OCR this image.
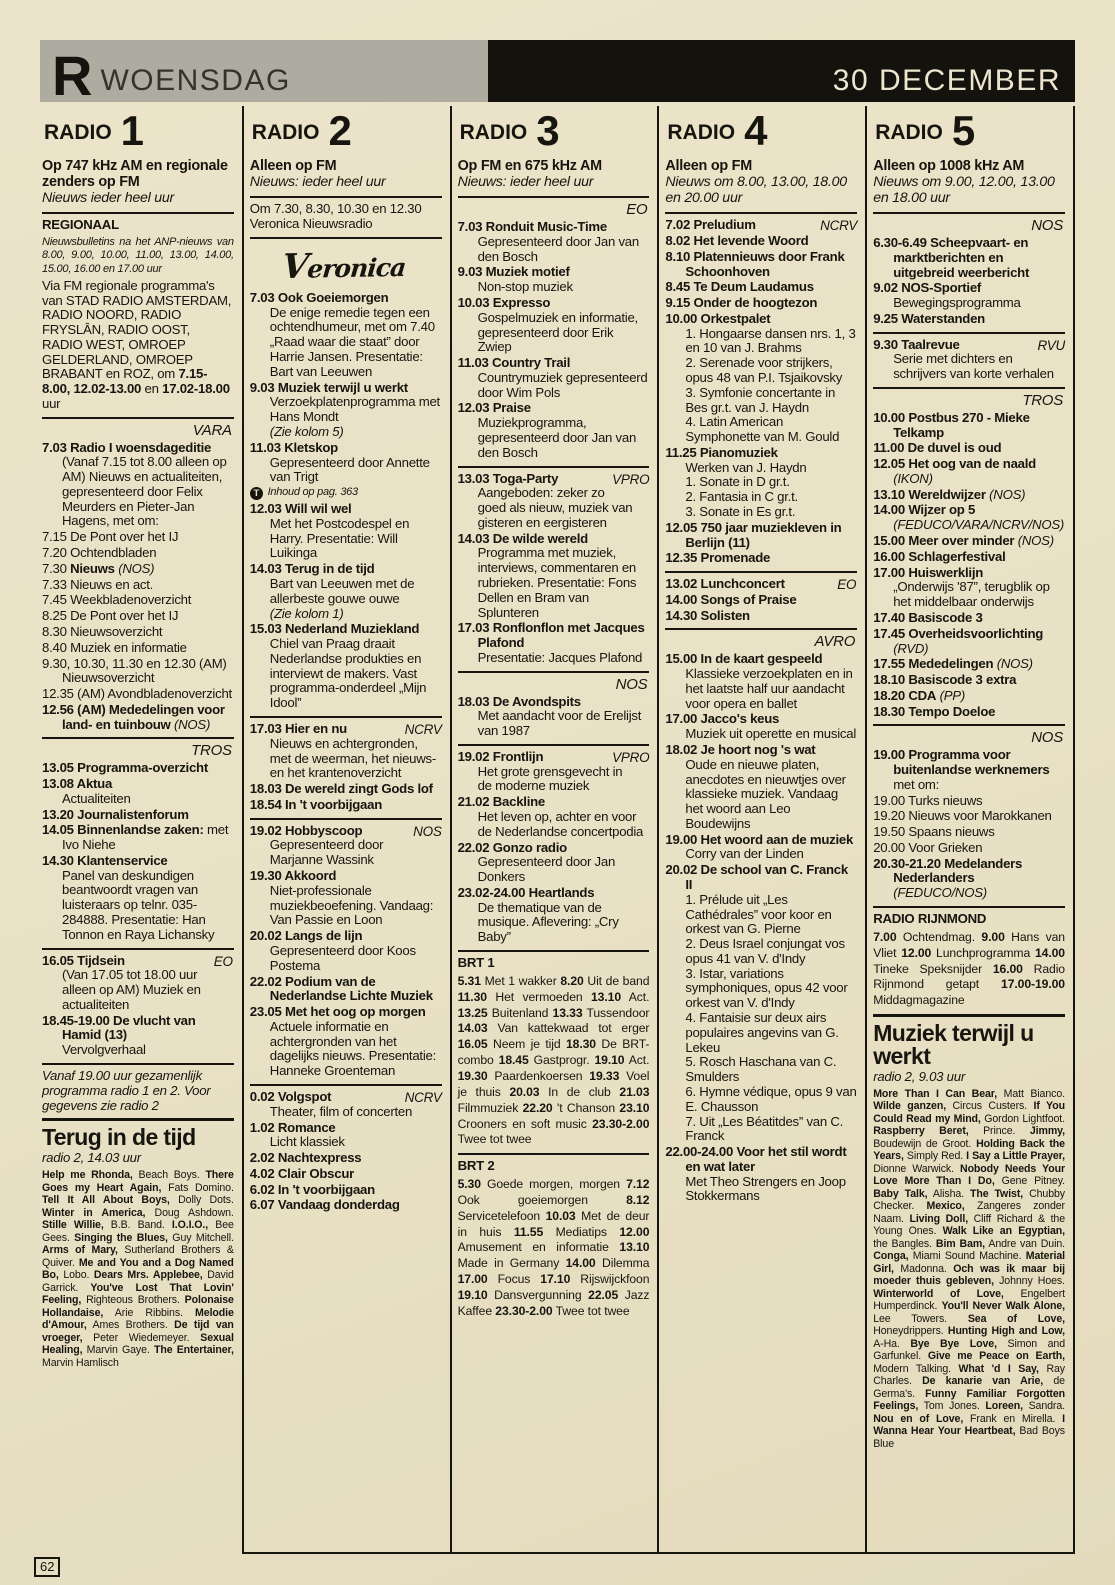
R WOENSDAG	30 DECEMBER
RADIO 1
Op 747 kHz AM en regionale zenders op FM
Nieuws ieder heel uur
REGIONAAL
Nieuwsbulletins na het ANP-nieuws van 8.00, 9.00, 10.00, 11.00, 13.00, 14.00, 15.00, 16.00 en 17.00 uur
Via FM regionale programma's van STAD RADIO AMSTERDAM, RADIO NOORD, RADIO FRYSLÂN, RADIO OOST, RADIO WEST, OMROEP GELDERLAND, OMROEP BRABANT en ROZ, om 7.15-8.00, 12.02-13.00 en 17.02-18.00 uur
VARA
7.03 Radio I woensdageditie
(Vanaf 7.15 tot 8.00 alleen op AM) Nieuws en actualiteiten, gepresenteerd door Felix Meurders en Pieter-Jan Hagens, met om:
7.15 De Pont over het IJ
7.20 Ochtendbladen
7.30 Nieuws (NOS)
7.33 Nieuws en act.
7.45 Weekbladenoverzicht
8.25 De Pont over het IJ
8.30 Nieuwsoverzicht
8.40 Muziek en informatie
9.30, 10.30, 11.30 en 12.30 (AM) Nieuwsoverzicht
12.35 (AM) Avondbladenoverzicht
12.56 (AM) Mededelingen voor land- en tuinbouw (NOS)
TROS
13.05 Programma-overzicht
13.08 Aktua
Actualiteiten
13.20 Journalistenforum
14.05 Binnenlandse zaken: met Ivo Niehe
14.30 Klantenservice
Panel van deskundigen beantwoordt vragen van luisteraars op telnr. 035-284888. Presentatie: Han Tonnon en Raya Lichansky
EO
16.05 Tijdsein
(Van 17.05 tot 18.00 uur alleen op AM) Muziek en actualiteiten
18.45-19.00 De vlucht van Hamid (13)
Vervolgverhaal
Vanaf 19.00 uur gezamenlijk programma radio 1 en 2. Voor gegevens zie radio 2
Terug in de tijd
radio 2, 14.03 uur
Help me Rhonda, Beach Boys. There Goes my Heart Again, Fats Domino. Tell It All About Boys, Dolly Dots. Winter in America, Doug Ashdown. Stille Willie, B.B. Band. I.O.I.O., Bee Gees. Singing the Blues, Guy Mitchell. Arms of Mary, Sutherland Brothers & Quiver. Me and You and a Dog Named Bo, Lobo. Dears Mrs. Applebee, David Garrick. You've Lost That Lovin' Feeling, Righteous Brothers. Polonaise Hollandaise, Arie Ribbins. Melodie d'Amour, Ames Brothers. De tijd van vroeger, Peter Wiedemeyer. Sexual Healing, Marvin Gaye. The Entertainer, Marvin Hamlisch
RADIO 2
Alleen op FM
Nieuws: ieder heel uur
Om 7.30, 8.30, 10.30 en 12.30 Veronica Nieuwsradio
Veronica
7.03 Ook Goeiemorgen
De enige remedie tegen een ochtendhumeur, met om 7.40 „Raad waar die staat” door Harrie Jansen. Presentatie: Bart van Leeuwen
9.03 Muziek terwijl u werkt
Verzoekplatenprogramma met Hans Mondt
(Zie kolom 5)
11.03 Kletskop
Gepresenteerd door Annette van Trigt
T Inhoud op pag. 363
12.03 Will wil wel
Met het Postcodespel en Harry. Presentatie: Will Luikinga
14.03 Terug in de tijd
Bart van Leeuwen met de allerbeste gouwe ouwe
(Zie kolom 1)
15.03 Nederland Muziekland
Chiel van Praag draait Nederlandse produkties en interviewt de makers. Vast programma-onderdeel „Mijn Idool”
NCRV
17.03 Hier en nu
Nieuws en achtergronden, met de weerman, het nieuws- en het krantenoverzicht
18.03 De wereld zingt Gods lof
18.54 In 't voorbijgaan
NOS
19.02 Hobbyscoop
Gepresenteerd door Marjanne Wassink
19.30 Akkoord
Niet-professionale muziekbeoefening. Vandaag: Van Passie en Loon
20.02 Langs de lijn
Gepresenteerd door Koos Postema
22.02 Podium van de Nederlandse Lichte Muziek
23.05 Met het oog op morgen
Actuele informatie en achtergronden van het dagelijks nieuws. Presentatie: Hanneke Groenteman
NCRV
0.02 Volgspot
Theater, film of concerten
1.02 Romance
Licht klassiek
2.02 Nachtexpress
4.02 Clair Obscur
6.02 In 't voorbijgaan
6.07 Vandaag donderdag
RADIO 3
Op FM en 675 kHz AM
Nieuws: ieder heel uur
EO
7.03 Ronduit Music-Time
Gepresenteerd door Jan van den Bosch
9.03 Muziek motief
Non-stop muziek
10.03 Expresso
Gospelmuziek en informatie, gepresenteerd door Erik Zwiep
11.03 Country Trail
Countrymuziek gepresenteerd door Wim Pols
12.03 Praise
Muziekprogramma, gepresenteerd door Jan van den Bosch
VPRO
13.03 Toga-Party
Aangeboden: zeker zo goed als nieuw, muziek van gisteren en eergisteren
14.03 De wilde wereld
Programma met muziek, interviews, commentaren en rubrieken. Presentatie: Fons Dellen en Bram van Splunteren
17.03 Ronflonflon met Jacques Plafond
Presentatie: Jacques Plafond
NOS
18.03 De Avondspits
Met aandacht voor de Erelijst van 1987
VPRO
19.02 Frontlijn
Het grote grensgevecht in de moderne muziek
21.02 Backline
Het leven op, achter en voor de Nederlandse concertpodia
22.02 Gonzo radio
Gepresenteerd door Jan Donkers
23.02-24.00 Heartlands
De thematique van de musique. Aflevering: „Cry Baby”
BRT 1
5.31 Met 1 wakker 8.20 Uit de band 11.30 Het vermoeden 13.10 Act. 13.25 Buitenland 13.33 Tussendoor 14.03 Van kattekwaad tot erger 16.05 Neem je tijd 18.30 De BRT-combo 18.45 Gastprogr. 19.10 Act. 19.30 Paardenkoersen 19.33 Voel je thuis 20.03 In de club 21.03 Filmmuziek 22.20 't Chanson 23.10 Crooners en soft music 23.30-2.00 Twee tot twee
BRT 2
5.30 Goede morgen, morgen 7.12 Ook goeiemorgen 8.12 Servicetelefoon 10.03 Met de deur in huis 11.55 Mediatips 12.00 Amusement en informatie 13.10 Made in Germany 14.00 Dilemma 17.00 Focus 17.10 Rijswijckfoon 19.10 Dansvergunning 22.05 Jazz Kaffee 23.30-2.00 Twee tot twee
RADIO 4
Alleen op FM
Nieuws om 8.00, 13.00, 18.00 en 20.00 uur
NCRV
7.02 Preludium
8.02 Het levende Woord
8.10 Platennieuws door Frank Schoonhoven
8.45 Te Deum Laudamus
9.15 Onder de hoogtezon
10.00 Orkestpalet
1. Hongaarse dansen nrs. 1, 3 en 10 van J. Brahms
2. Serenade voor strijkers, opus 48 van P.I. Tsjaikovsky
3. Symfonie concertante in Bes gr.t. van J. Haydn
4. Latin American Symphonette van M. Gould
11.25 Pianomuziek
Werken van J. Haydn
1. Sonate in D gr.t.
2. Fantasia in C gr.t.
3. Sonate in Es gr.t.
12.05 750 jaar muziekleven in Berlijn (11)
12.35 Promenade
EO
13.02 Lunchconcert
14.00 Songs of Praise
14.30 Solisten
AVRO
15.00 In de kaart gespeeld
Klassieke verzoekplaten en in het laatste half uur aandacht voor opera en ballet
17.00 Jacco's keus
Muziek uit operette en musical
18.02 Je hoort nog 's wat
Oude en nieuwe platen, anecdotes en nieuwtjes over klassieke muziek. Vandaag het woord aan Leo Boudewijns
19.00 Het woord aan de muziek
Corry van der Linden
20.02 De school van C. Franck II
1. Prélude uit „Les Cathédrales” voor koor en orkest van G. Pierne
2. Deus Israel conjungat vos opus 41 van V. d'Indy
3. Istar, variations symphoniques, opus 42 voor orkest van V. d'Indy
4. Fantaisie sur deux airs populaires angevins van G. Lekeu
5. Rosch Haschana van C. Smulders
6. Hymne védique, opus 9 van E. Chausson
7. Uit „Les Béatitdes” van C. Franck
22.00-24.00 Voor het stil wordt en wat later
Met Theo Strengers en Joop Stokkermans
RADIO 5
Alleen op 1008 kHz AM
Nieuws om 9.00, 12.00, 13.00 en 18.00 uur
NOS
6.30-6.49 Scheepvaart- en marktberichten en uitgebreid weerbericht
9.02 NOS-Sportief
Bewegingsprogramma
9.25 Waterstanden
RVU
9.30 Taalrevue
Serie met dichters en schrijvers van korte verhalen
TROS
10.00 Postbus 270 - Mieke Telkamp
11.00 De duvel is oud
12.05 Het oog van de naald (IKON)
13.10 Wereldwijzer (NOS)
14.00 Wijzer op 5 (FEDUCO/VARA/NCRV/NOS)
15.00 Meer over minder (NOS)
16.00 Schlagerfestival
17.00 Huiswerklijn
„Onderwijs '87”, terugblik op het middelbaar onderwijs
17.40 Basiscode 3
17.45 Overheidsvoorlichting (RVD)
17.55 Mededelingen (NOS)
18.10 Basiscode 3 extra
18.20 CDA (PP)
18.30 Tempo Doeloe
NOS
19.00 Programma voor buitenlandse werknemers met om:
19.00 Turks nieuws
19.20 Nieuws voor Marokkanen
19.50 Spaans nieuws
20.00 Voor Grieken
20.30-21.20 Medelanders Nederlanders (FEDUCO/NOS)
RADIO RIJNMOND
7.00 Ochtendmag. 9.00 Hans van Vliet 12.00 Lunchprogramma 14.00 Tineke Speksnijder 16.00 Radio Rijnmond getapt 17.00-19.00 Middagmagazine
Muziek terwijl u werkt
radio 2, 9.03 uur
More Than I Can Bear, Matt Bianco. Wilde ganzen, Circus Custers. If You Could Read my Mind, Gordon Lightfoot. Raspberry Beret, Prince. Jimmy, Boudewijn de Groot. Holding Back the Years, Simply Red. I Say a Little Prayer, Dionne Warwick. Nobody Needs Your Love More Than I Do, Gene Pitney. Baby Talk, Alisha. The Twist, Chubby Checker. Mexico, Zangeres zonder Naam. Living Doll, Cliff Richard & the Young Ones. Walk Like an Egyptian, the Bangles. Bim Bam, Andre van Duin. Conga, Miami Sound Machine. Material Girl, Madonna. Och was ik maar bij moeder thuis gebleven, Johnny Hoes. Winterworld of Love, Engelbert Humperdinck. You'll Never Walk Alone, Lee Towers. Sea of Love, Honeydrippers. Hunting High and Low, A-Ha. Bye Bye Love, Simon and Garfunkel. Give me Peace on Earth, Modern Talking. What 'd I Say, Ray Charles. De kanarie van Arie, de Germa's. Funny Familiar Forgotten Feelings, Tom Jones. Loreen, Sandra. Nou en of Love, Frank en Mirella. I Wanna Hear Your Heartbeat, Bad Boys Blue
62
